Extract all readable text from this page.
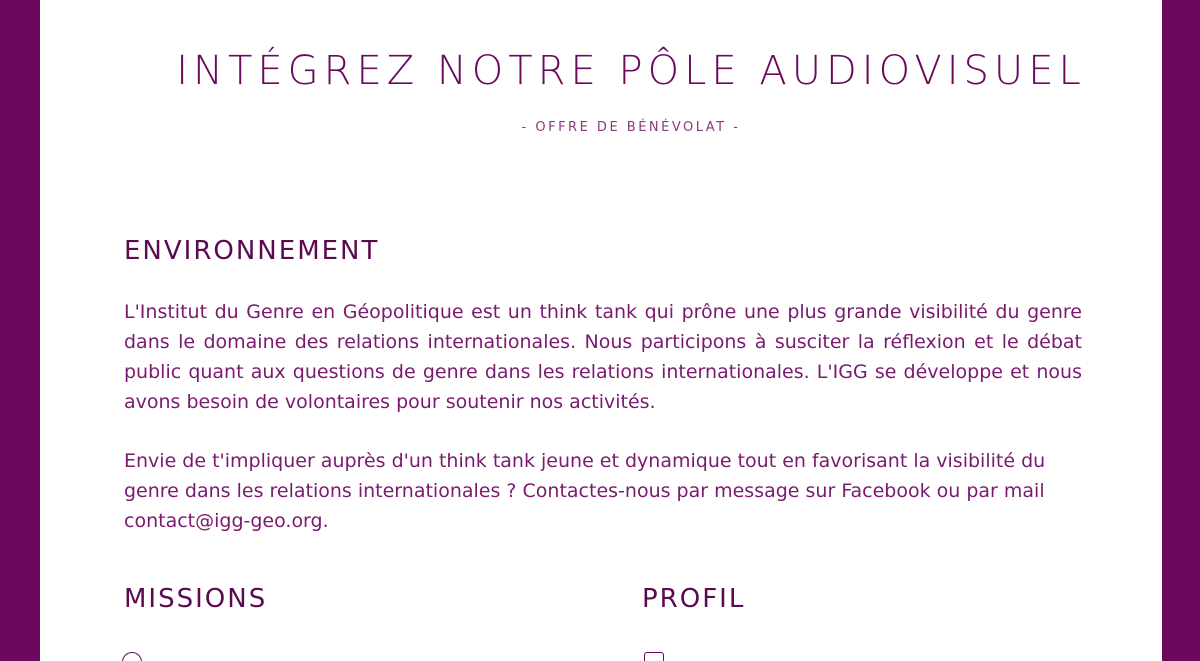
INTÉGREZ NOTRE PÔLE AUDIOVISUEL
- OFFRE DE BÉNÉVOLAT -
ENVIRONNEMENT

L'Institut du Genre en Géopolitique est un think tank qui prône une plus grande visibilité du genre dans le domaine des relations internationales. Nous participons à susciter la réflexion et le débat public quant aux questions de genre dans les relations internationales. L'IGG se développe et nous avons besoin de volontaires pour soutenir nos activités.

Envie de t'impliquer auprès d'un think tank jeune et dynamique tout en favorisant la visibilité du genre dans les relations internationales ? Contactes-nous par message sur Facebook ou par mail contact@igg-geo.org.

MISSIONS	PROFIL
